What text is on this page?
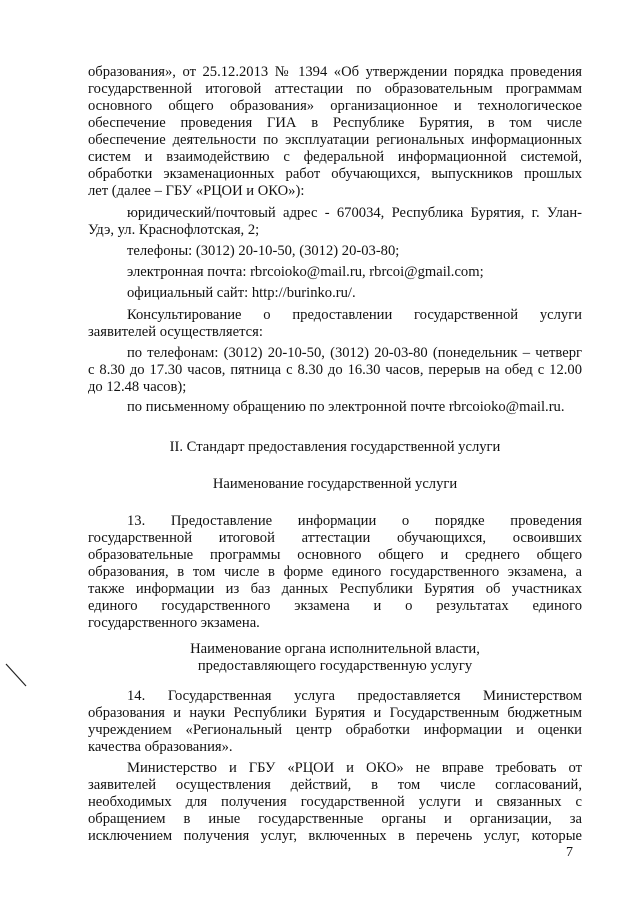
образования», от 25.12.2013 № 1394 «Об утверждении порядка проведения
государственной итоговой аттестации по образовательным программам
основного общего образования» организационное и технологическое
обеспечение проведения ГИА в Республике Бурятия, в том числе
обеспечение деятельности по эксплуатации региональных информационных
систем и взаимодействию с федеральной информационной системой,
обработки экзаменационных работ обучающихся, выпускников прошлых
лет (далее – ГБУ «РЦОИ и ОКО»):
юридический/почтовый адрес - 670034, Республика Бурятия, г. Улан-
Удэ, ул. Краснофлотская, 2;
телефоны: (3012) 20-10-50, (3012) 20-03-80;
электронная почта: rbrcoioko@mail.ru, rbrcoi@gmail.com;
официальный сайт: http://burinko.ru/.
Консультирование о предоставлении государственной услуги
заявителей осуществляется:
по телефонам: (3012) 20-10-50, (3012) 20-03-80 (понедельник – четверг
с 8.30 до 17.30 часов, пятница с 8.30 до 16.30 часов, перерыв на обед с 12.00
до 12.48 часов);
по письменному обращению по электронной почте rbrcoioko@mail.ru.
II. Стандарт предоставления государственной услуги
Наименование государственной услуги
13. Предоставление информации о порядке проведения
государственной итоговой аттестации обучающихся, освоивших
образовательные программы основного общего и среднего общего
образования, в том числе в форме единого государственного экзамена, а
также информации из баз данных Республики Бурятия об участниках
единого государственного экзамена и о результатах единого
государственного экзамена.
Наименование органа исполнительной власти,
предоставляющего государственную услугу
14. Государственная услуга предоставляется Министерством
образования и науки Республики Бурятия и Государственным бюджетным
учреждением «Региональный центр обработки информации и оценки
качества образования».
Министерство и ГБУ «РЦОИ и ОКО» не вправе требовать от
заявителей осуществления действий, в том числе согласований,
необходимых для получения государственной услуги и связанных с
обращением в иные государственные органы и организации, за
исключением получения услуг, включенных в перечень услуг, которые
7
